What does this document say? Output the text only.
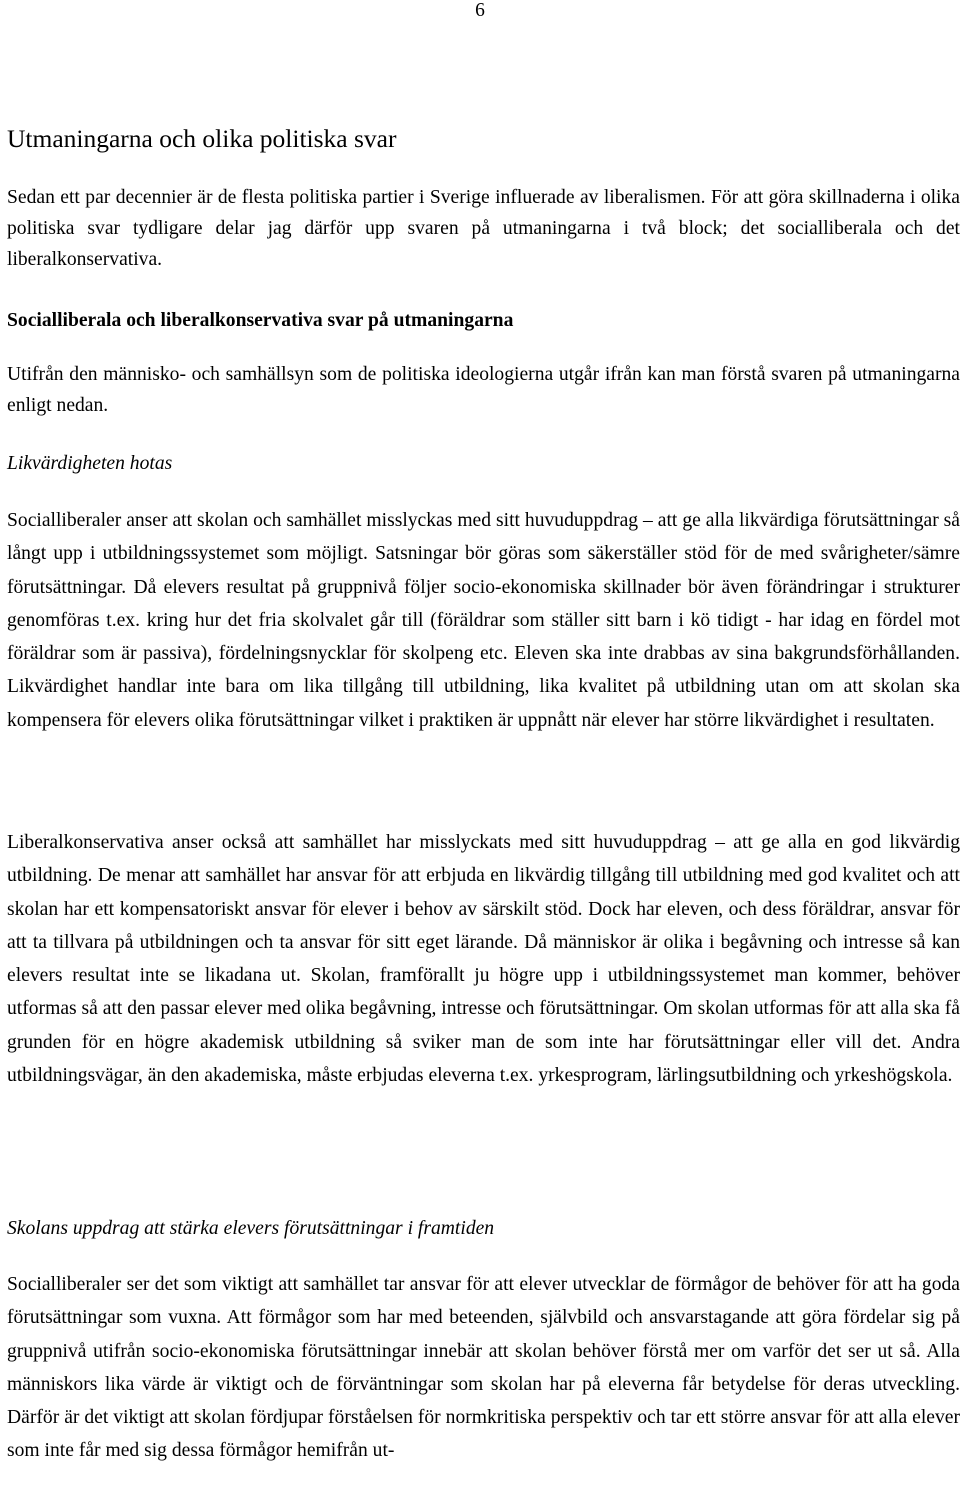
6
Utmaningarna och olika politiska svar

Sedan ett par decennier är de flesta politiska partier i Sverige influerade av liberalismen. För att göra skillnaderna i olika politiska svar tydligare delar jag därför upp svaren på utmaningarna i två block; det socialliberala och det liberalkonservativa.

Socialliberala och liberalkonservativa svar på utmaningarna

Utifrån den människo- och samhällsyn som de politiska ideologierna utgår ifrån kan man förstå svaren på utmaningarna enligt nedan.

Likvärdigheten hotas

Socialliberaler anser att skolan och samhället misslyckas med sitt huvuduppdrag – att ge alla likvärdiga förutsättningar så långt upp i utbildningssystemet som möjligt. Satsningar bör göras som säkerställer stöd för de med svårigheter/sämre förutsättningar. Då elevers resultat på gruppnivå följer socio-ekonomiska skillnader bör även förändringar i strukturer genomföras t.ex. kring hur det fria skolvalet går till (föräldrar som ställer sitt barn i kö tidigt - har idag en fördel mot föräldrar som är passiva), fördelningsnycklar för skolpeng etc. Eleven ska inte drabbas av sina bakgrundsförhållanden. Likvärdighet handlar inte bara om lika tillgång till utbildning, lika kvalitet på utbildning utan om att skolan ska kompensera för elevers olika förutsättningar vilket i praktiken är uppnått när elever har större likvärdighet i resultaten.

Liberalkonservativa anser också att samhället har misslyckats med sitt huvuduppdrag – att ge alla en god likvärdig utbildning. De menar att samhället har ansvar för att erbjuda en likvärdig tillgång till utbildning med god kvalitet och att skolan har ett kompensatoriskt ansvar för elever i behov av särskilt stöd. Dock har eleven, och dess föräldrar, ansvar för att ta tillvara på utbildningen och ta ansvar för sitt eget lärande. Då människor är olika i begåvning och intresse så kan elevers resultat inte se likadana ut. Skolan, framförallt ju högre upp i utbildningssystemet man kommer, behöver utformas så att den passar elever med olika begåvning, intresse och förutsättningar. Om skolan utformas för att alla ska få grunden för en högre akademisk utbildning så sviker man de som inte har förutsättningar eller vill det. Andra utbildningsvägar, än den akademiska, måste erbjudas eleverna t.ex. yrkesprogram, lärlingsutbildning och yrkeshögskola.

Skolans uppdrag att stärka elevers förutsättningar i framtiden

Socialliberaler ser det som viktigt att samhället tar ansvar för att elever utvecklar de förmågor de behöver för att ha goda förutsättningar som vuxna. Att förmågor som har med beteenden, självbild och ansvarstagande att göra fördelar sig på gruppnivå utifrån socio-ekonomiska förutsättningar innebär att skolan behöver förstå mer om varför det ser ut så. Alla människors lika värde är viktigt och de förväntningar som skolan har på eleverna får betydelse för deras utveckling. Därför är det viktigt att skolan fördjupar förståelsen för normkritiska perspektiv och tar ett större ansvar för att alla elever som inte får med sig dessa förmågor hemifrån ut-
